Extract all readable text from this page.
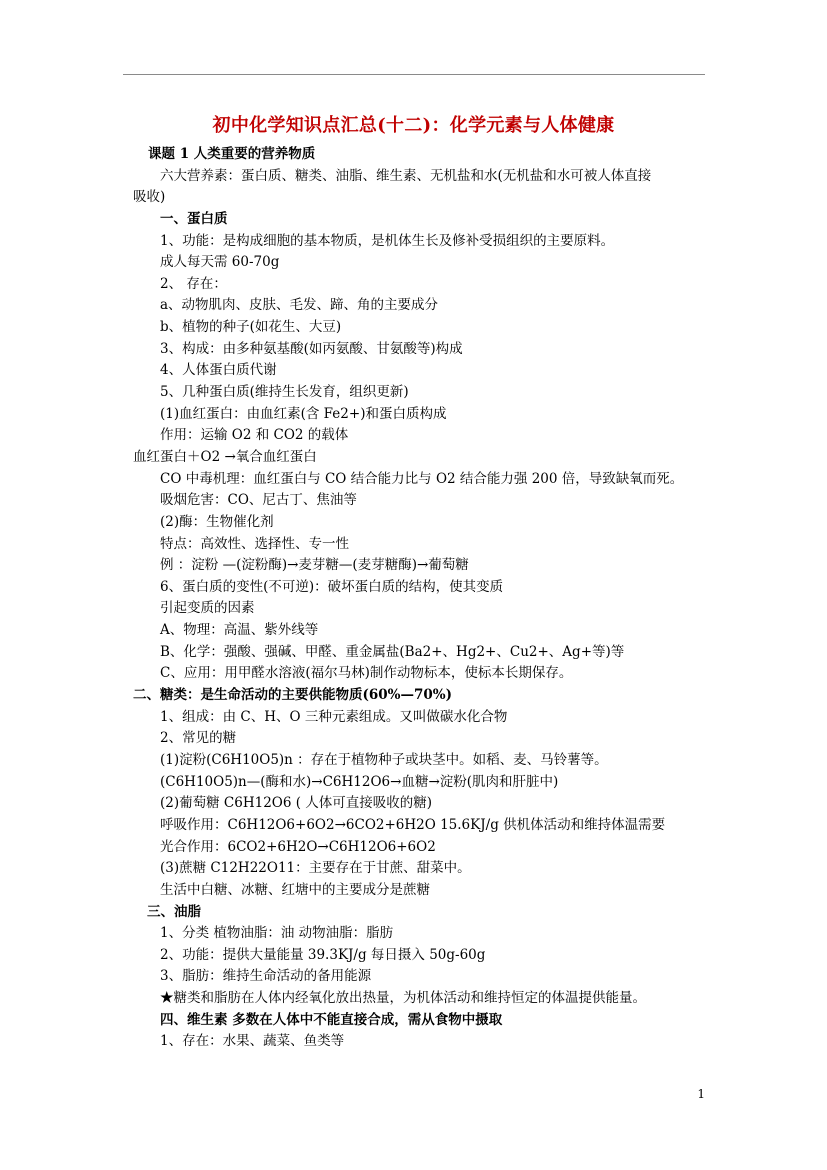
初中化学知识点汇总(十二)：化学元素与人体健康
课题 1 人类重要的营养物质
六大营养素：蛋白质、糖类、油脂、维生素、无机盐和水(无机盐和水可被人体直接
吸收)
一、蛋白质
1、功能：是构成细胞的基本物质，是机体生长及修补受损组织的主要原料。
成人每天需 60-70g
2、 存在：
a、动物肌肉、皮肤、毛发、蹄、角的主要成分
b、植物的种子(如花生、大豆)
3、构成：由多种氨基酸(如丙氨酸、甘氨酸等)构成
4、人体蛋白质代谢
5、几种蛋白质(维持生长发育，组织更新)
(1)血红蛋白：由血红素(含 Fe2+)和蛋白质构成
作用：运输 O2 和 CO2 的载体
血红蛋白＋O2 →氧合血红蛋白
CO 中毒机理：血红蛋白与 CO 结合能力比与 O2 结合能力强 200 倍，导致缺氧而死。
吸烟危害：CO、尼古丁、焦油等
(2)酶：生物催化剂
特点：高效性、选择性、专一性
例 ：淀粉 —(淀粉酶)→麦芽糖—(麦芽糖酶)→葡萄糖
6、蛋白质的变性(不可逆)：破坏蛋白质的结构，使其变质
引起变质的因素
A、物理：高温、紫外线等
B、化学：强酸、强碱、甲醛、重金属盐(Ba2+、Hg2+、Cu2+、Ag+等)等
C、应用：用甲醛水溶液(福尔马林)制作动物标本，使标本长期保存。
二、糖类：是生命活动的主要供能物质(60%—70%)
1、组成：由 C、H、O 三种元素组成。又叫做碳水化合物
2、常见的糖
(1)淀粉(C6H10O5)n ：存在于植物种子或块茎中。如稻、麦、马铃薯等。
(C6H10O5)n—(酶和水)→C6H12O6→血糖→淀粉(肌肉和肝脏中)
(2)葡萄糖 C6H12O6 ( 人体可直接吸收的糖)
呼吸作用：C6H12O6+6O2→6CO2+6H2O 15.6KJ/g 供机体活动和维持体温需要
光合作用：6CO2+6H2O→C6H12O6+6O2
(3)蔗糖 C12H22O11：主要存在于甘蔗、甜菜中。
生活中白糖、冰糖、红塘中的主要成分是蔗糖
三、油脂
1、分类 植物油脂：油 动物油脂：脂肪
2、功能：提供大量能量 39.3KJ/g 每日摄入 50g-60g
3、脂肪：维持生命活动的备用能源
★糖类和脂肪在人体内经氧化放出热量，为机体活动和维持恒定的体温提供能量。
四、维生素 多数在人体中不能直接合成，需从食物中摄取
1、存在：水果、蔬菜、鱼类等
1
